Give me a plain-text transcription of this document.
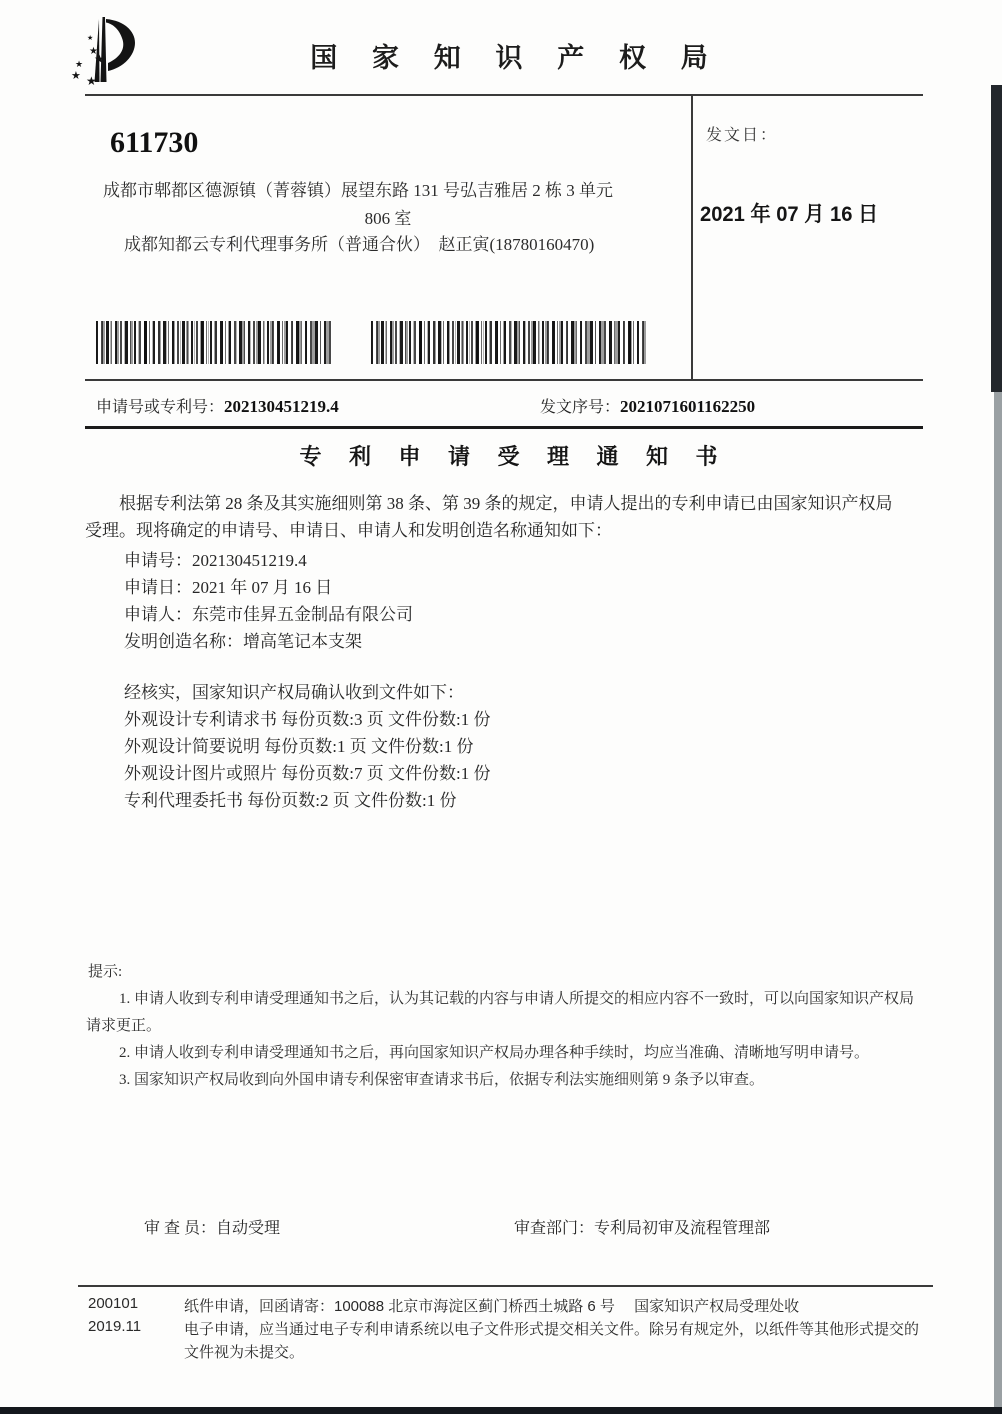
★
★
★
★
★ ★
国 家 知 识 产 权 局
611730
成都市郫都区德源镇（菁蓉镇）展望东路 131 号弘吉雅居 2 栋 3 单元
806 室
成都知都云专利代理事务所（普通合伙）　赵正寅(18780160470)
发文日：
2021 年 07 月 16 日
申请号或专利号：202130451219.4	发文序号：2021071601162250
专 利 申 请 受 理 通 知 书
根据专利法第 28 条及其实施细则第 38 条、第 39 条的规定，申请人提出的专利申请已由国家知识产权局
受理。现将确定的申请号、申请日、申请人和发明创造名称通知如下：
申请号：202130451219.4
申请日：2021 年 07 月 16 日
申请人：东莞市佳昇五金制品有限公司
发明创造名称：增高笔记本支架
经核实，国家知识产权局确认收到文件如下：
外观设计专利请求书 每份页数:3 页 文件份数:1 份
外观设计简要说明 每份页数:1 页 文件份数:1 份
外观设计图片或照片 每份页数:7 页 文件份数:1 份
专利代理委托书 每份页数:2 页 文件份数:1 份
提示:
1. 申请人收到专利申请受理通知书之后，认为其记载的内容与申请人所提交的相应内容不一致时，可以向国家知识产权局
请求更正。
2. 申请人收到专利申请受理通知书之后，再向国家知识产权局办理各种手续时，均应当准确、清晰地写明申请号。
3. 国家知识产权局收到向外国申请专利保密审查请求书后，依据专利法实施细则第 9 条予以审查。
审 查 员：自动受理	审查部门：专利局初审及流程管理部
200101
2019.11
纸件申请，回函请寄：100088 北京市海淀区蓟门桥西土城路 6 号　 国家知识产权局受理处收
电子申请，应当通过电子专利申请系统以电子文件形式提交相关文件。除另有规定外，以纸件等其他形式提交的
文件视为未提交。
